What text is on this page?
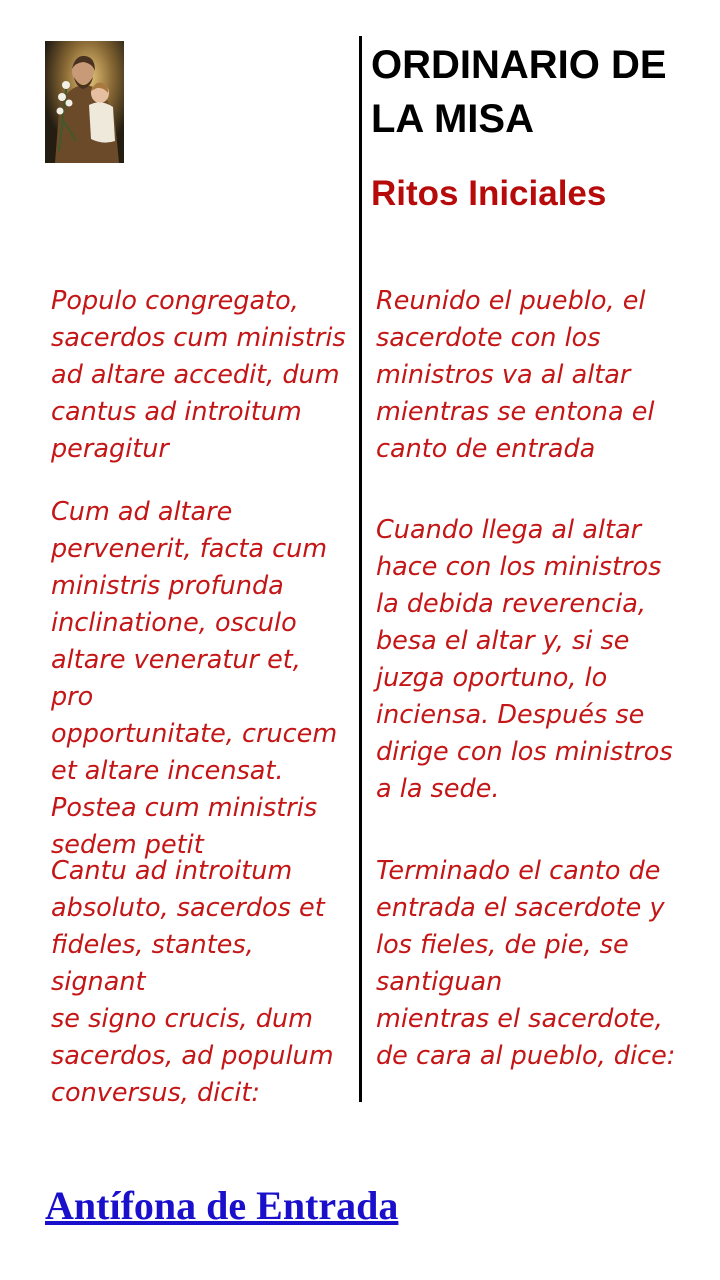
ORDINARIO DE LA MISA
Ritos Iniciales

Populo congregato,
sacerdos cum ministris
ad altare accedit, dum
cantus ad introitum
peragitur

Cum ad altare
pervenerit, facta cum
ministris profunda
inclinatione, osculo
altare veneratur et, pro
opportunitate, crucem
et altare incensat.
Postea cum ministris
sedem petit

Cantu ad introitum
absoluto, sacerdos et
fideles, stantes, signant
se signo crucis, dum
sacerdos, ad populum
conversus, dicit:

Reunido el pueblo, el
sacerdote con los
ministros va al altar
mientras se entona el
canto de entrada

Cuando llega al altar
hace con los ministros
la debida reverencia,
besa el altar y, si se
juzga oportuno, lo
inciensa. Después se
dirige con los ministros
a la sede.

Terminado el canto de
entrada el sacerdote y
los fieles, de pie, se
santiguan
mientras el sacerdote,
de cara al pueblo, dice:

Antífona de Entrada
